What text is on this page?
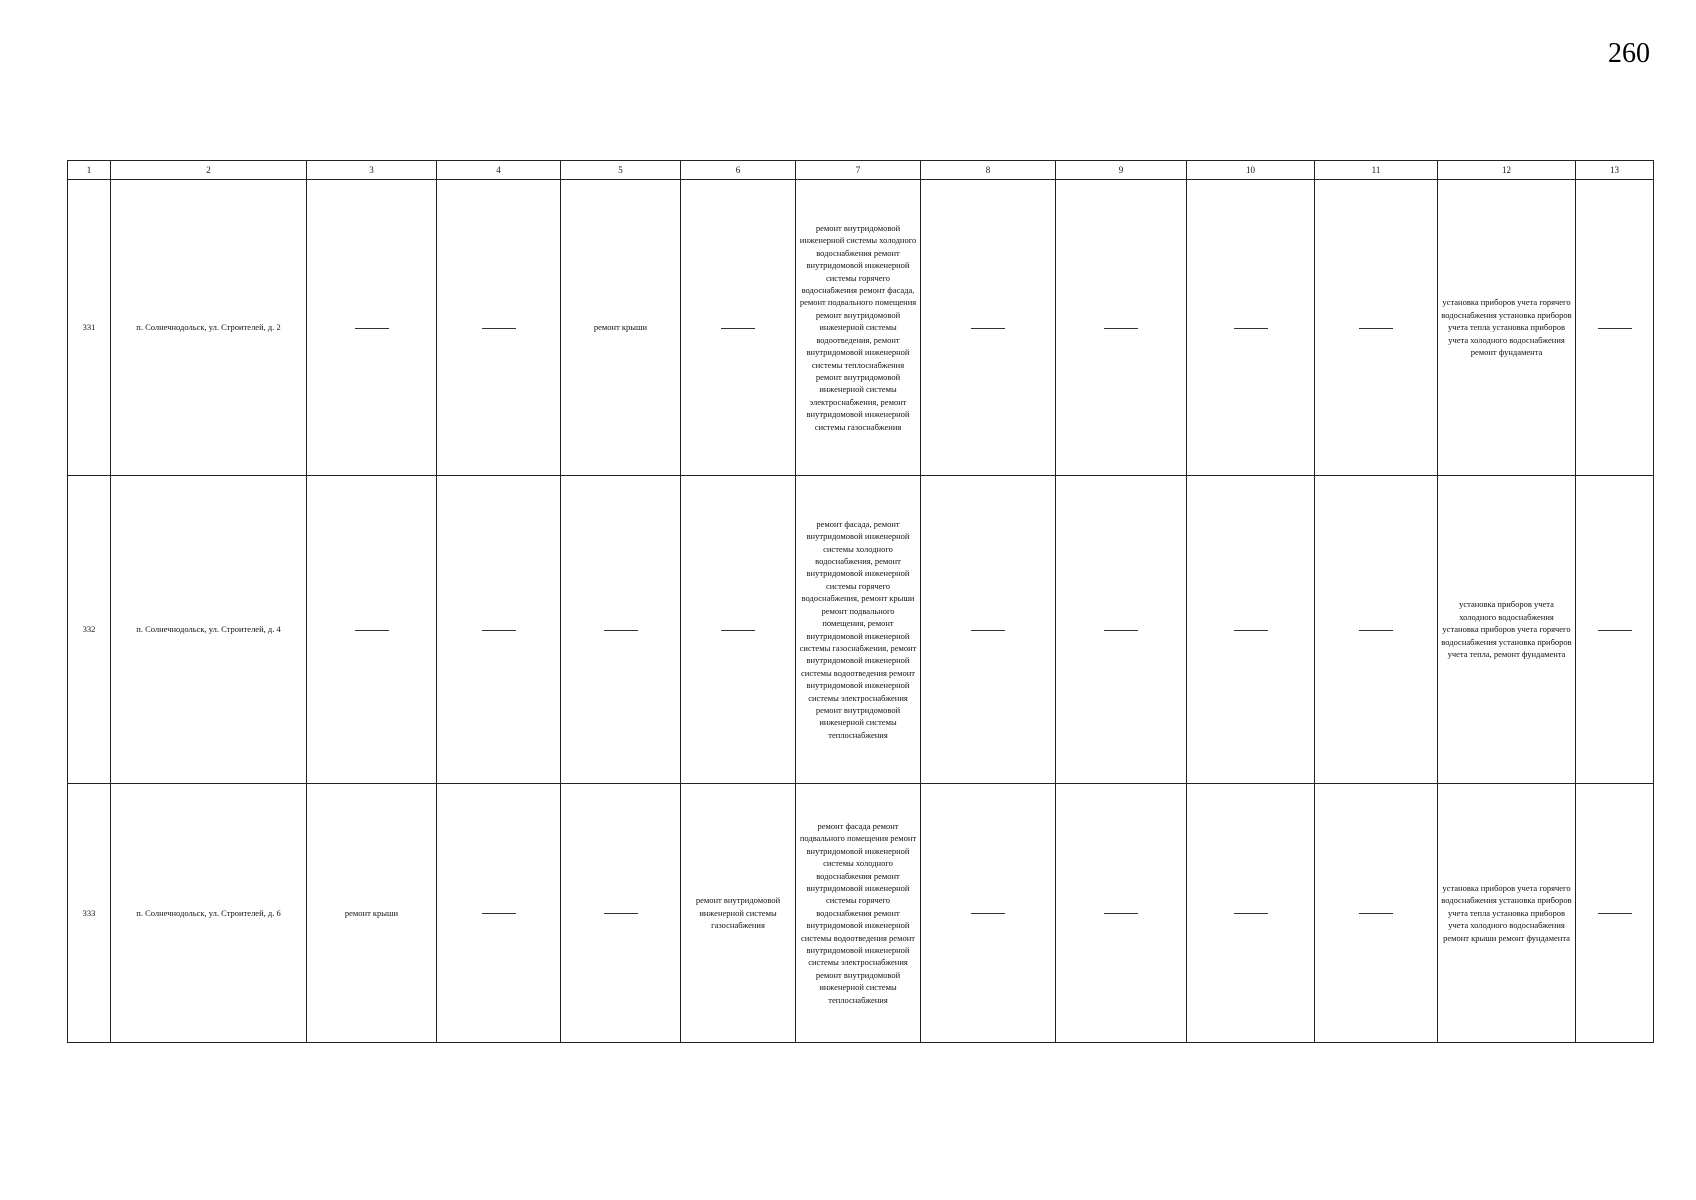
260
1	2	3	4	5	6	7	8	9	10	11	12	13
331	п. Солнечнодольск, ул. Строителей, д. 2			ремонт крыши		ремонт внутридомовой инженерной системы холодного водоснабжения ремонт внутридомовой инженерной системы горячего водоснабжения ремонт фасада, ремонт подвального помещения ремонт внутридомовой инженерной системы водоотведения, ремонт внутридомовой инженерной системы теплоснабжения ремонт внутридомовой инженерной системы электроснабжения, ремонт внутридомовой инженерной системы газоснабжения					установка приборов учета горячего водоснабжения установка приборов учета тепла установка приборов учета холодного водоснабжения ремонт фундамента	
332	п. Солнечнодольск, ул. Строителей, д. 4					ремонт фасада, ремонт внутридомовой инженерной системы холодного водоснабжения, ремонт внутридомовой инженерной системы горячего водоснабжения, ремонт крыши ремонт подвального помещения, ремонт внутридомовой инженерной системы газоснабжения, ремонт внутридомовой инженерной системы водоотведения ремонт внутридомовой инженерной системы электроснабжения ремонт внутридомовой инженерной системы теплоснабжения					установка приборов учета холодного водоснабжения установка приборов учета горячего водоснабжения установка приборов учета тепла, ремонт фундамента	
333	п. Солнечнодольск, ул. Строителей, д. 6	ремонт крыши			ремонт внутридомовой инженерной системы газоснабжения	ремонт фасада ремонт подвального помещения ремонт внутридомовой инженерной системы холодного водоснабжения ремонт внутридомовой инженерной системы горячего водоснабжения ремонт внутридомовой инженерной системы водоотведения ремонт внутридомовой инженерной системы электроснабжения ремонт внутридомовой инженерной системы теплоснабжения					установка приборов учета горячего водоснабжения установка приборов учета тепла установка приборов учета холодного водоснабжения ремонт крыши ремонт фундамента	
